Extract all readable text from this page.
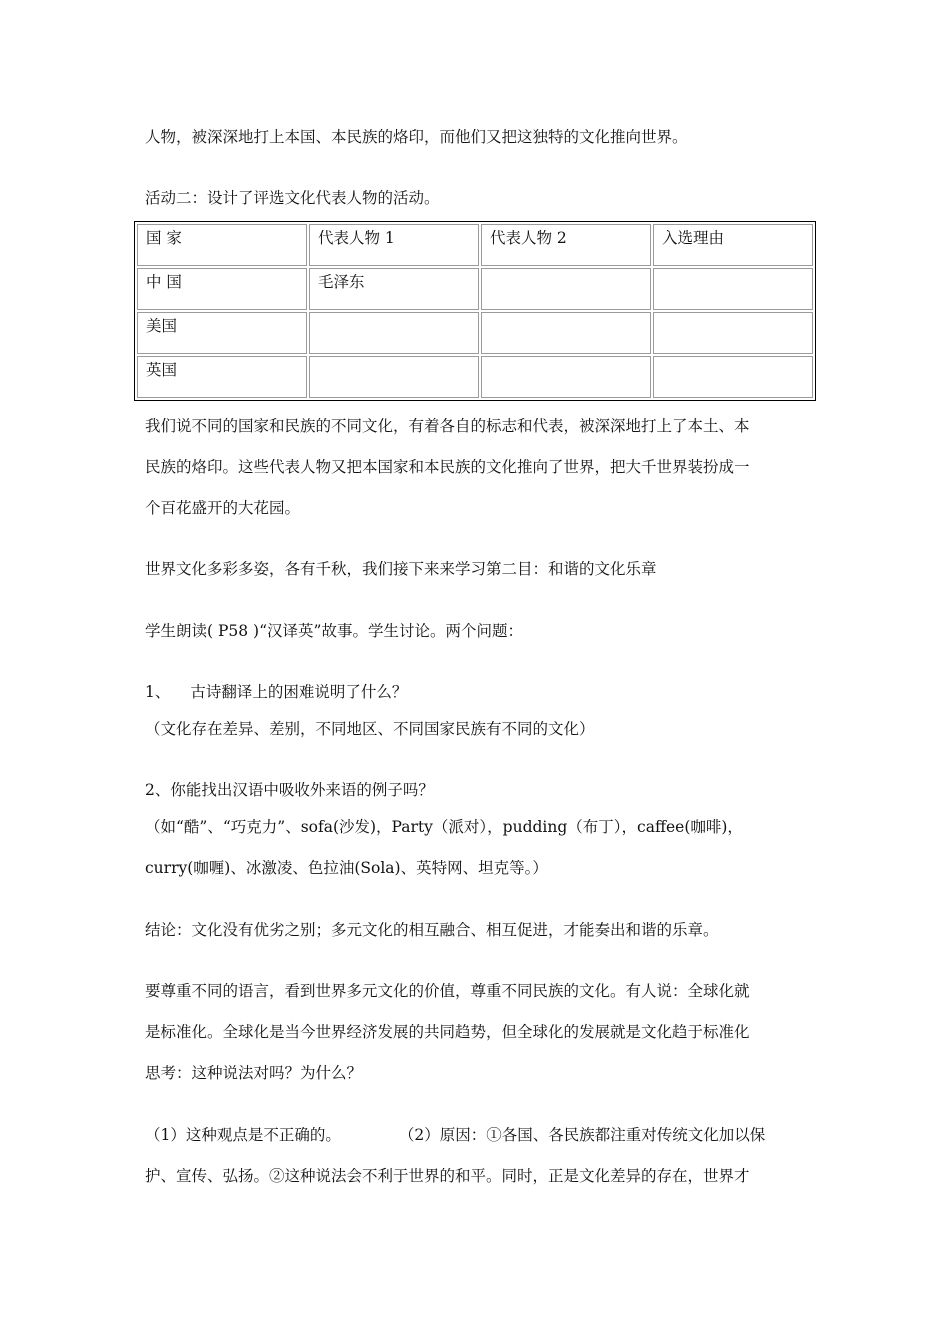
人物，被深深地打上本国、本民族的烙印，而他们又把这独特的文化推向世界。
活动二：设计了评选文化代表人物的活动。
国 家	代表人物 1	代表人物 2	入选理由
中 国	毛泽东		
美国			
英国			
我们说不同的国家和民族的不同文化，有着各自的标志和代表，被深深地打上了本土、本
民族的烙印。这些代表人物又把本国家和本民族的文化推向了世界，把大千世界装扮成一
个百花盛开的大花园。
世界文化多彩多姿，各有千秋，我们接下来来学习第二目：和谐的文化乐章
学生朗读( P58 )“汉译英”故事。学生讨论。两个问题：
1、 古诗翻译上的困难说明了什么？
（文化存在差异、差别，不同地区、不同国家民族有不同的文化）
2、你能找出汉语中吸收外来语的例子吗？
（如“酷”、“巧克力”、sofa(沙发)，Party（派对），pudding（布丁），caffee(咖啡)，
curry(咖喱)、冰激凌、色拉油(Sola)、英特网、坦克等。）
结论：文化没有优劣之别；多元文化的相互融合、相互促进，才能奏出和谐的乐章。
要尊重不同的语言，看到世界多元文化的价值，尊重不同民族的文化。有人说：全球化就
是标准化。全球化是当今世界经济发展的共同趋势，但全球化的发展就是文化趋于标准化
思考：这种说法对吗？为什么？
（1）这种观点是不正确的。	（2）原因：①各国、各民族都注重对传统文化加以保
护、宣传、弘扬。②这种说法会不利于世界的和平。同时，正是文化差异的存在，世界才
